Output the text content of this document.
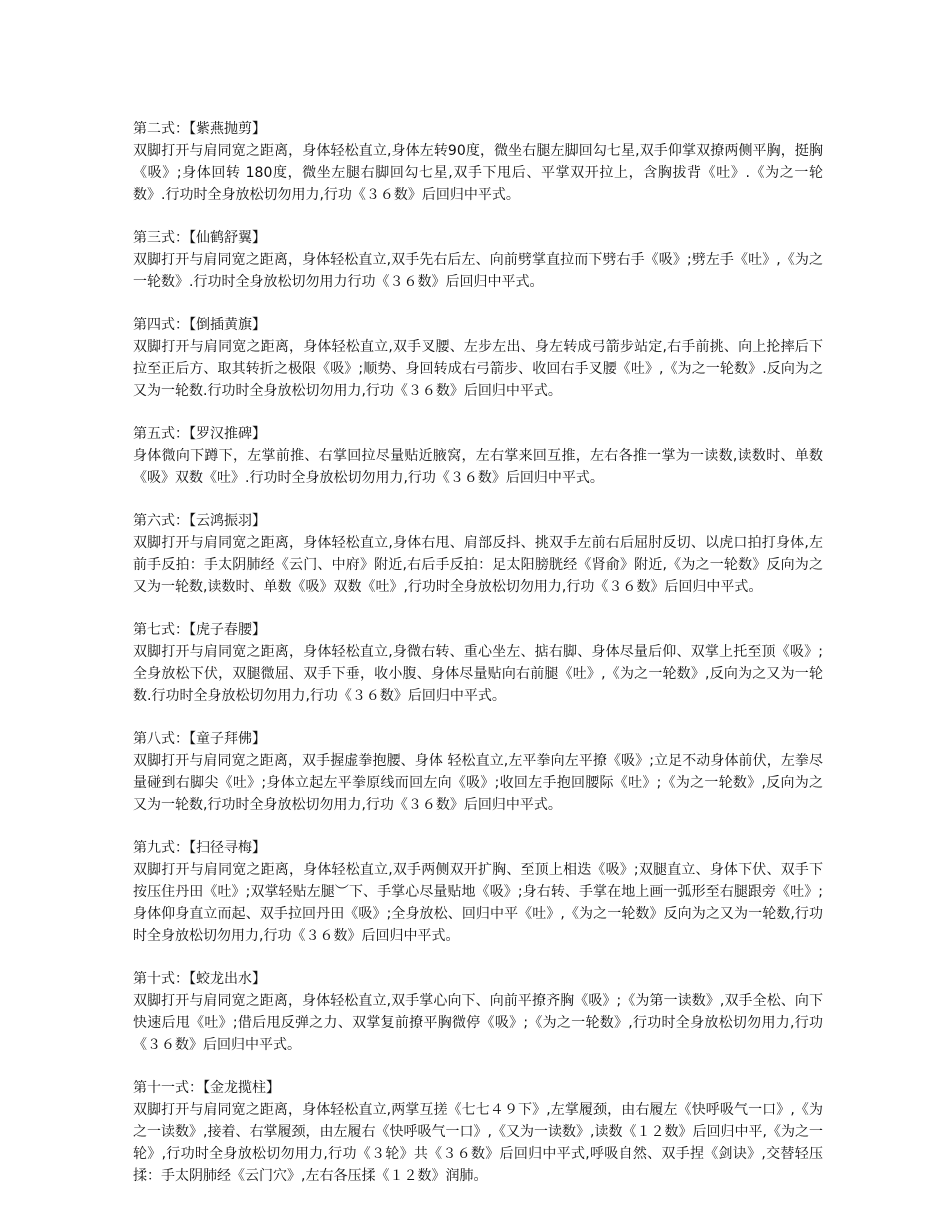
第二式：【紫燕抛剪】

双脚打开与肩同宽之距离，身体轻松直立,身体左转90度，微坐右腿左脚回勾七星,双手仰掌双撩两侧平胸，挺胸《吸》;身体回转 180度，微坐左腿右脚回勾七星,双手下甩后、平掌双开拉上，含胸拔背《吐》.《为之一轮数》.行功时全身放松切勿用力,行功《３６数》后回归中平式。

第三式：【仙鹤舒翼】

双脚打开与肩同宽之距离，身体轻松直立,双手先右后左、向前劈掌直拉而下劈右手《吸》;劈左手《吐》,《为之一轮数》.行功时全身放松切勿用力行功《３６数》后回归中平式。

第四式：【倒插黄旗】

双脚打开与肩同宽之距离，身体轻松直立,双手叉腰、左步左出、身左转成弓箭步站定,右手前挑、向上抡摔后下拉至正后方、取其转折之极限《吸》;顺势、身回转成右弓箭步、收回右手叉腰《吐》,《为之一轮数》.反向为之又为一轮数.行功时全身放松切勿用力,行功《３６数》后回归中平式。

第五式：【罗汉推碑】

身体微向下蹲下，左掌前推、右掌回拉尽量贴近腋窝，左右掌来回互推，左右各推一掌为一读数,读数时、单数《吸》双数《吐》.行功时全身放松切勿用力,行功《３６数》后回归中平式。

第六式：【云鸿振羽】

双脚打开与肩同宽之距离，身体轻松直立,身体右甩、肩部反抖、挑双手左前右后屈肘反切、以虎口拍打身体,左前手反拍：手太阴肺经《云门、中府》附近,右后手反拍：足太阳膀胱经《肾俞》附近,《为之一轮数》反向为之又为一轮数,读数时、单数《吸》双数《吐》,行功时全身放松切勿用力,行功《３６数》后回归中平式。

第七式：【虎子春腰】

双脚打开与肩同宽之距离，身体轻松直立,身微右转、重心坐左、掂右脚、身体尽量后仰、双掌上托至顶《吸》;全身放松下伏，双腿微屈、双手下垂，收小腹、身体尽量贴向右前腿《吐》,《为之一轮数》,反向为之又为一轮数.行功时全身放松切勿用力,行功《３６数》后回归中平式。

第八式：【童子拜佛】

双脚打开与肩同宽之距离，双手握虚拳抱腰、身体 轻松直立,左平拳向左平撩《吸》;立足不动身体前伏，左拳尽量碰到右脚尖《吐》;身体立起左平拳原线而回左向《吸》;收回左手抱回腰际《吐》;《为之一轮数》,反向为之又为一轮数,行功时全身放松切勿用力,行功《３６数》后回归中平式。

第九式：【扫径寻梅】

双脚打开与肩同宽之距离，身体轻松直立,双手两侧双开扩胸、至顶上相迭《吸》;双腿直立、身体下伏、双手下按压住丹田《吐》;双掌轻贴左腿︶下、手掌心尽量贴地《吸》;身右转、手掌在地上画一弧形至右腿跟旁《吐》;身体仰身直立而起、双手拉回丹田《吸》;全身放松、回归中平《吐》,《为之一轮数》反向为之又为一轮数,行功时全身放松切勿用力,行功《３６数》后回归中平式。

第十式：【蛟龙出水】

双脚打开与肩同宽之距离，身体轻松直立,双手掌心向下、向前平撩齐胸《吸》;《为第一读数》,双手全松、向下快速后甩《吐》;借后甩反弹之力、双掌复前撩平胸微停《吸》;《为之一轮数》,行功时全身放松切勿用力,行功《３６数》后回归中平式。

第十一式：【金龙揽柱】

双脚打开与肩同宽之距离，身体轻松直立,两掌互搓《七七４９下》,左掌履颈，由右履左《快呼吸气一口》,《为之一读数》,接着、右掌履颈，由左履右《快呼吸气一口》,《又为一读数》,读数《１２数》后回归中平,《为之一轮》,行功时全身放松切勿用力,行功《３轮》共《３６数》后回归中平式,呼吸自然、双手捏《剑诀》,交替轻压揉：手太阴肺经《云门穴》,左右各压揉《１２数》润肺。
